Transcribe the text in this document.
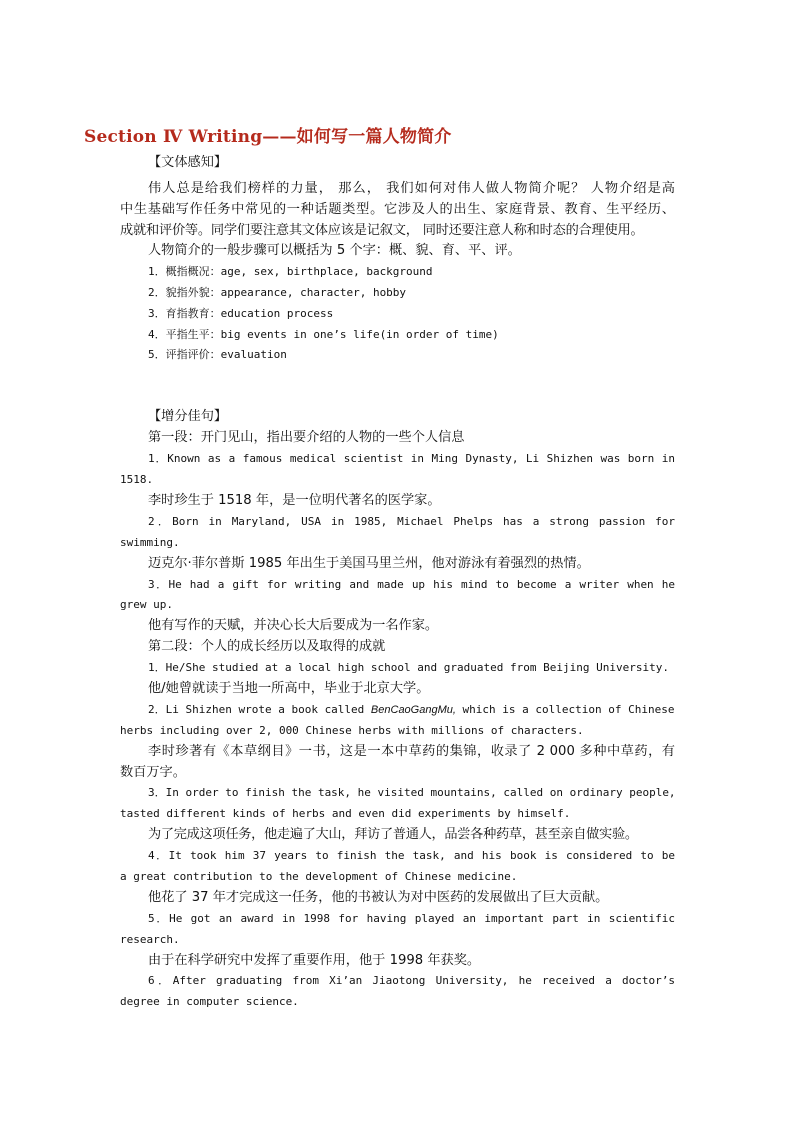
Section Ⅳ Writing——如何写一篇人物简介
【文体感知】
伟人总是给我们榜样的力量， 那么， 我们如何对伟人做人物简介呢？ 人物介绍是高
中生基础写作任务中常见的一种话题类型。它涉及人的出生、家庭背景、教育、生平经历、
成就和评价等。同学们要注意其文体应该是记叙文， 同时还要注意人称和时态的合理使用。
人物简介的一般步骤可以概括为 5 个字：概、貌、育、平、评。
1．概指概况：age, sex, birthplace, background
2．貌指外貌：appearance, character, hobby
3．育指教育：education process
4．平指生平：big events in one’s life(in order of time)
5．评指评价：evaluation
【增分佳句】
第一段：开门见山，指出要介绍的人物的一些个人信息
1．Known as a famous medical scientist in Ming Dynasty, Li Shizhen was born in
1518.
李时珍生于 1518 年，是一位明代著名的医学家。
2．Born in Maryland, USA in 1985, Michael Phelps has a strong passion for
swimming.
迈克尔·菲尔普斯 1985 年出生于美国马里兰州，他对游泳有着强烈的热情。
3．He had a gift for writing and made up his mind to become a writer when he
grew up.
他有写作的天赋，并决心长大后要成为一名作家。
第二段：个人的成长经历以及取得的成就
1．He/She studied at a local high school and graduated from Beijing University.
他/她曾就读于当地一所高中，毕业于北京大学。
2．Li Shizhen wrote a book called BenCaoGangMu, which is a collection of Chinese
herbs including over 2, 000 Chinese herbs with millions of characters.
李时珍著有《本草纲目》一书，这是一本中草药的集锦，收录了 2 000 多种中草药，有
数百万字。
3．In order to finish the task, he visited mountains, called on ordinary people,
tasted different kinds of herbs and even did experiments by himself.
为了完成这项任务，他走遍了大山，拜访了普通人，品尝各种药草，甚至亲自做实验。
4．It took him 37 years to finish the task, and his book is considered to be
a great contribution to the development of Chinese medicine.
他花了 37 年才完成这一任务，他的书被认为对中医药的发展做出了巨大贡献。
5．He got an award in 1998 for having played an important part in scientific
research.
由于在科学研究中发挥了重要作用，他于 1998 年获奖。
6．After graduating from Xi’an Jiaotong University, he received a doctor’s
degree in computer science.
